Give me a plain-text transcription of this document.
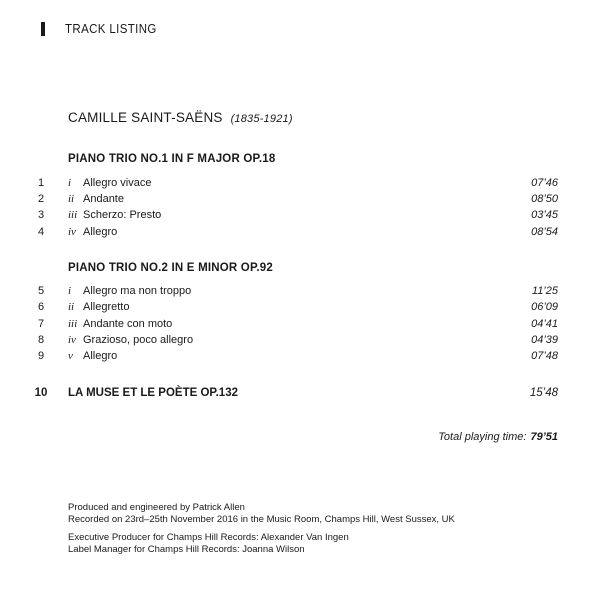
TRACK LISTING
CAMILLE SAINT-SAËNS (1835-1921)
PIANO TRIO NO.1 IN F MAJOR OP.18
1	i Allegro vivace	07’46
2	ii Andante	08’50
3	iii Scherzo: Presto	03’45
4	iv Allegro	08’54
PIANO TRIO NO.2 IN E MINOR OP.92
5	i Allegro ma non troppo	11’25
6	ii Allegretto	06’09
7	iii Andante con moto	04’41
8	iv Grazioso, poco allegro	04’39
9	v Allegro	07’48
10 LA MUSE ET LE POÈTE OP.132	15’48
Total playing time: 79’51
Produced and engineered by Patrick Allen
Recorded on 23rd–25th November 2016 in the Music Room, Champs Hill, West Sussex, UK
Executive Producer for Champs Hill Records: Alexander Van Ingen
Label Manager for Champs Hill Records: Joanna Wilson
